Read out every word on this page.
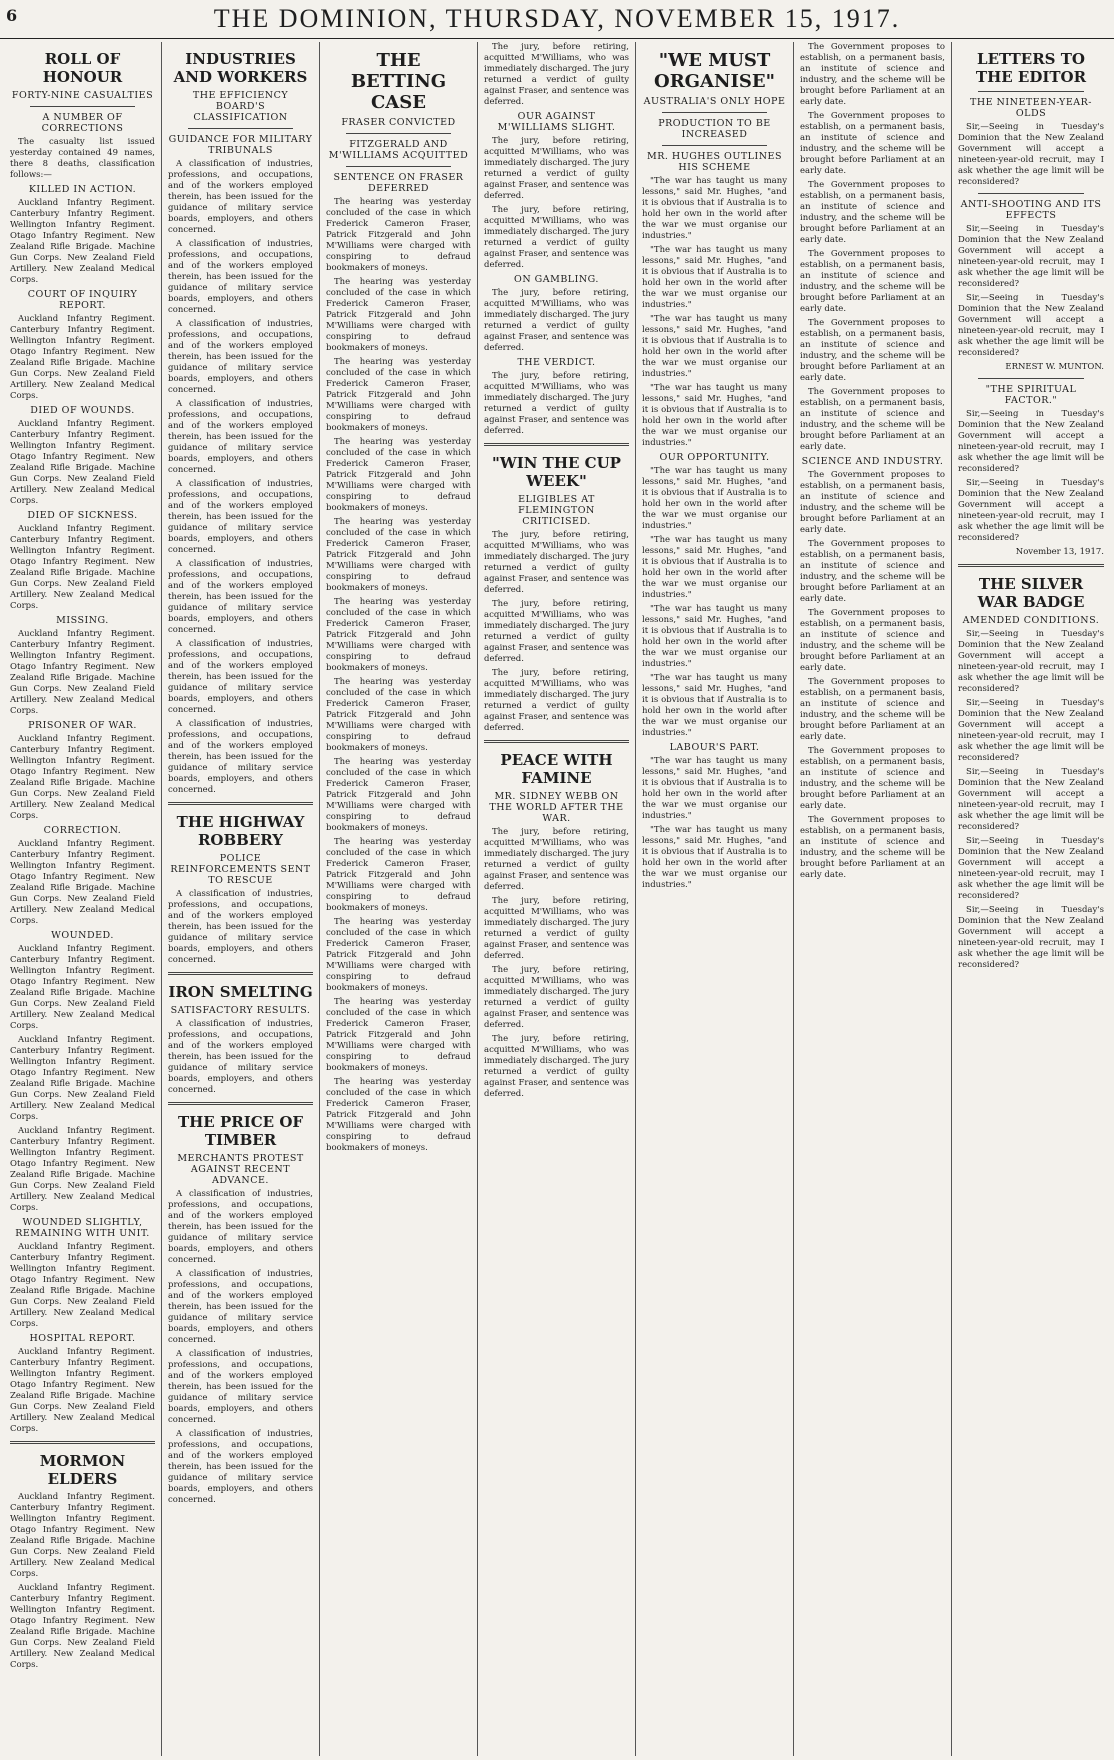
6	THE DOMINION, THURSDAY, NOVEMBER 15, 1917.
ROLL OF HONOUR
FORTY-NINE CASUALTIES
A NUMBER OF CORRECTIONS

The casualty list issued yesterday contained 49 names, there 8 deaths, classification follows:—

KILLED IN ACTION.

Auckland Infantry Regiment. Canterbury Infantry Regiment. Wellington Infantry Regiment. Otago Infantry Regiment. New Zealand Rifle Brigade. Machine Gun Corps. New Zealand Field Artillery. New Zealand Medical Corps.

COURT OF INQUIRY REPORT.

Auckland Infantry Regiment. Canterbury Infantry Regiment. Wellington Infantry Regiment. Otago Infantry Regiment. New Zealand Rifle Brigade. Machine Gun Corps. New Zealand Field Artillery. New Zealand Medical Corps.

DIED OF WOUNDS.

Auckland Infantry Regiment. Canterbury Infantry Regiment. Wellington Infantry Regiment. Otago Infantry Regiment. New Zealand Rifle Brigade. Machine Gun Corps. New Zealand Field Artillery. New Zealand Medical Corps.

DIED OF SICKNESS.

Auckland Infantry Regiment. Canterbury Infantry Regiment. Wellington Infantry Regiment. Otago Infantry Regiment. New Zealand Rifle Brigade. Machine Gun Corps. New Zealand Field Artillery. New Zealand Medical Corps.

MISSING.

Auckland Infantry Regiment. Canterbury Infantry Regiment. Wellington Infantry Regiment. Otago Infantry Regiment. New Zealand Rifle Brigade. Machine Gun Corps. New Zealand Field Artillery. New Zealand Medical Corps.

PRISONER OF WAR.

Auckland Infantry Regiment. Canterbury Infantry Regiment. Wellington Infantry Regiment. Otago Infantry Regiment. New Zealand Rifle Brigade. Machine Gun Corps. New Zealand Field Artillery. New Zealand Medical Corps.

CORRECTION.

Auckland Infantry Regiment. Canterbury Infantry Regiment. Wellington Infantry Regiment. Otago Infantry Regiment. New Zealand Rifle Brigade. Machine Gun Corps. New Zealand Field Artillery. New Zealand Medical Corps.

WOUNDED.

Auckland Infantry Regiment. Canterbury Infantry Regiment. Wellington Infantry Regiment. Otago Infantry Regiment. New Zealand Rifle Brigade. Machine Gun Corps. New Zealand Field Artillery. New Zealand Medical Corps.

Auckland Infantry Regiment. Canterbury Infantry Regiment. Wellington Infantry Regiment. Otago Infantry Regiment. New Zealand Rifle Brigade. Machine Gun Corps. New Zealand Field Artillery. New Zealand Medical Corps.

Auckland Infantry Regiment. Canterbury Infantry Regiment. Wellington Infantry Regiment. Otago Infantry Regiment. New Zealand Rifle Brigade. Machine Gun Corps. New Zealand Field Artillery. New Zealand Medical Corps.

WOUNDED SLIGHTLY, REMAINING WITH UNIT.

Auckland Infantry Regiment. Canterbury Infantry Regiment. Wellington Infantry Regiment. Otago Infantry Regiment. New Zealand Rifle Brigade. Machine Gun Corps. New Zealand Field Artillery. New Zealand Medical Corps.

HOSPITAL REPORT.

Auckland Infantry Regiment. Canterbury Infantry Regiment. Wellington Infantry Regiment. Otago Infantry Regiment. New Zealand Rifle Brigade. Machine Gun Corps. New Zealand Field Artillery. New Zealand Medical Corps.

MORMON ELDERS

Auckland Infantry Regiment. Canterbury Infantry Regiment. Wellington Infantry Regiment. Otago Infantry Regiment. New Zealand Rifle Brigade. Machine Gun Corps. New Zealand Field Artillery. New Zealand Medical Corps.

Auckland Infantry Regiment. Canterbury Infantry Regiment. Wellington Infantry Regiment. Otago Infantry Regiment. New Zealand Rifle Brigade. Machine Gun Corps. New Zealand Field Artillery. New Zealand Medical Corps.

INDUSTRIES AND WORKERS
THE EFFICIENCY BOARD'S CLASSIFICATION
GUIDANCE FOR MILITARY TRIBUNALS

A classification of industries, professions, and occupations, and of the workers employed therein, has been issued for the guidance of military service boards, employers, and others concerned.

A classification of industries, professions, and occupations, and of the workers employed therein, has been issued for the guidance of military service boards, employers, and others concerned.

A classification of industries, professions, and occupations, and of the workers employed therein, has been issued for the guidance of military service boards, employers, and others concerned.

A classification of industries, professions, and occupations, and of the workers employed therein, has been issued for the guidance of military service boards, employers, and others concerned.

A classification of industries, professions, and occupations, and of the workers employed therein, has been issued for the guidance of military service boards, employers, and others concerned.

A classification of industries, professions, and occupations, and of the workers employed therein, has been issued for the guidance of military service boards, employers, and others concerned.

A classification of industries, professions, and occupations, and of the workers employed therein, has been issued for the guidance of military service boards, employers, and others concerned.

A classification of industries, professions, and occupations, and of the workers employed therein, has been issued for the guidance of military service boards, employers, and others concerned.

THE HIGHWAY ROBBERY
POLICE REINFORCEMENTS SENT TO RESCUE

A classification of industries, professions, and occupations, and of the workers employed therein, has been issued for the guidance of military service boards, employers, and others concerned.

IRON SMELTING
SATISFACTORY RESULTS.

A classification of industries, professions, and occupations, and of the workers employed therein, has been issued for the guidance of military service boards, employers, and others concerned.

THE PRICE OF TIMBER
MERCHANTS PROTEST AGAINST RECENT ADVANCE.

A classification of industries, professions, and occupations, and of the workers employed therein, has been issued for the guidance of military service boards, employers, and others concerned.

A classification of industries, professions, and occupations, and of the workers employed therein, has been issued for the guidance of military service boards, employers, and others concerned.

A classification of industries, professions, and occupations, and of the workers employed therein, has been issued for the guidance of military service boards, employers, and others concerned.

A classification of industries, professions, and occupations, and of the workers employed therein, has been issued for the guidance of military service boards, employers, and others concerned.

THE BETTING CASE
FRASER CONVICTED
FITZGERALD AND M'WILLIAMS ACQUITTED
SENTENCE ON FRASER DEFERRED

The hearing was yesterday concluded of the case in which Frederick Cameron Fraser, Patrick Fitzgerald and John M'Williams were charged with conspiring to defraud bookmakers of moneys.

The hearing was yesterday concluded of the case in which Frederick Cameron Fraser, Patrick Fitzgerald and John M'Williams were charged with conspiring to defraud bookmakers of moneys.

The hearing was yesterday concluded of the case in which Frederick Cameron Fraser, Patrick Fitzgerald and John M'Williams were charged with conspiring to defraud bookmakers of moneys.

The hearing was yesterday concluded of the case in which Frederick Cameron Fraser, Patrick Fitzgerald and John M'Williams were charged with conspiring to defraud bookmakers of moneys.

The hearing was yesterday concluded of the case in which Frederick Cameron Fraser, Patrick Fitzgerald and John M'Williams were charged with conspiring to defraud bookmakers of moneys.

The hearing was yesterday concluded of the case in which Frederick Cameron Fraser, Patrick Fitzgerald and John M'Williams were charged with conspiring to defraud bookmakers of moneys.

The hearing was yesterday concluded of the case in which Frederick Cameron Fraser, Patrick Fitzgerald and John M'Williams were charged with conspiring to defraud bookmakers of moneys.

The hearing was yesterday concluded of the case in which Frederick Cameron Fraser, Patrick Fitzgerald and John M'Williams were charged with conspiring to defraud bookmakers of moneys.

The hearing was yesterday concluded of the case in which Frederick Cameron Fraser, Patrick Fitzgerald and John M'Williams were charged with conspiring to defraud bookmakers of moneys.

The hearing was yesterday concluded of the case in which Frederick Cameron Fraser, Patrick Fitzgerald and John M'Williams were charged with conspiring to defraud bookmakers of moneys.

The hearing was yesterday concluded of the case in which Frederick Cameron Fraser, Patrick Fitzgerald and John M'Williams were charged with conspiring to defraud bookmakers of moneys.

The hearing was yesterday concluded of the case in which Frederick Cameron Fraser, Patrick Fitzgerald and John M'Williams were charged with conspiring to defraud bookmakers of moneys.

The jury, before retiring, acquitted M'Williams, who was immediately discharged. The jury returned a verdict of guilty against Fraser, and sentence was deferred.

OUR AGAINST M'WILLIAMS SLIGHT.

The jury, before retiring, acquitted M'Williams, who was immediately discharged. The jury returned a verdict of guilty against Fraser, and sentence was deferred.

The jury, before retiring, acquitted M'Williams, who was immediately discharged. The jury returned a verdict of guilty against Fraser, and sentence was deferred.

ON GAMBLING.

The jury, before retiring, acquitted M'Williams, who was immediately discharged. The jury returned a verdict of guilty against Fraser, and sentence was deferred.

THE VERDICT.

The jury, before retiring, acquitted M'Williams, who was immediately discharged. The jury returned a verdict of guilty against Fraser, and sentence was deferred.

"WIN THE CUP WEEK"
ELIGIBLES AT FLEMINGTON CRITICISED.

The jury, before retiring, acquitted M'Williams, who was immediately discharged. The jury returned a verdict of guilty against Fraser, and sentence was deferred.

The jury, before retiring, acquitted M'Williams, who was immediately discharged. The jury returned a verdict of guilty against Fraser, and sentence was deferred.

The jury, before retiring, acquitted M'Williams, who was immediately discharged. The jury returned a verdict of guilty against Fraser, and sentence was deferred.

PEACE WITH FAMINE
MR. SIDNEY WEBB ON THE WORLD AFTER THE WAR.

The jury, before retiring, acquitted M'Williams, who was immediately discharged. The jury returned a verdict of guilty against Fraser, and sentence was deferred.

The jury, before retiring, acquitted M'Williams, who was immediately discharged. The jury returned a verdict of guilty against Fraser, and sentence was deferred.

The jury, before retiring, acquitted M'Williams, who was immediately discharged. The jury returned a verdict of guilty against Fraser, and sentence was deferred.

The jury, before retiring, acquitted M'Williams, who was immediately discharged. The jury returned a verdict of guilty against Fraser, and sentence was deferred.

"WE MUST ORGANISE"
AUSTRALIA'S ONLY HOPE
PRODUCTION TO BE INCREASED
MR. HUGHES OUTLINES HIS SCHEME

"The war has taught us many lessons," said Mr. Hughes, "and it is obvious that if Australia is to hold her own in the world after the war we must organise our industries."

"The war has taught us many lessons," said Mr. Hughes, "and it is obvious that if Australia is to hold her own in the world after the war we must organise our industries."

"The war has taught us many lessons," said Mr. Hughes, "and it is obvious that if Australia is to hold her own in the world after the war we must organise our industries."

"The war has taught us many lessons," said Mr. Hughes, "and it is obvious that if Australia is to hold her own in the world after the war we must organise our industries."

OUR OPPORTUNITY.

"The war has taught us many lessons," said Mr. Hughes, "and it is obvious that if Australia is to hold her own in the world after the war we must organise our industries."

"The war has taught us many lessons," said Mr. Hughes, "and it is obvious that if Australia is to hold her own in the world after the war we must organise our industries."

"The war has taught us many lessons," said Mr. Hughes, "and it is obvious that if Australia is to hold her own in the world after the war we must organise our industries."

"The war has taught us many lessons," said Mr. Hughes, "and it is obvious that if Australia is to hold her own in the world after the war we must organise our industries."

LABOUR'S PART.

"The war has taught us many lessons," said Mr. Hughes, "and it is obvious that if Australia is to hold her own in the world after the war we must organise our industries."

"The war has taught us many lessons," said Mr. Hughes, "and it is obvious that if Australia is to hold her own in the world after the war we must organise our industries."

The Government proposes to establish, on a permanent basis, an institute of science and industry, and the scheme will be brought before Parliament at an early date.

The Government proposes to establish, on a permanent basis, an institute of science and industry, and the scheme will be brought before Parliament at an early date.

The Government proposes to establish, on a permanent basis, an institute of science and industry, and the scheme will be brought before Parliament at an early date.

The Government proposes to establish, on a permanent basis, an institute of science and industry, and the scheme will be brought before Parliament at an early date.

The Government proposes to establish, on a permanent basis, an institute of science and industry, and the scheme will be brought before Parliament at an early date.

The Government proposes to establish, on a permanent basis, an institute of science and industry, and the scheme will be brought before Parliament at an early date.

SCIENCE AND INDUSTRY.

The Government proposes to establish, on a permanent basis, an institute of science and industry, and the scheme will be brought before Parliament at an early date.

The Government proposes to establish, on a permanent basis, an institute of science and industry, and the scheme will be brought before Parliament at an early date.

The Government proposes to establish, on a permanent basis, an institute of science and industry, and the scheme will be brought before Parliament at an early date.

The Government proposes to establish, on a permanent basis, an institute of science and industry, and the scheme will be brought before Parliament at an early date.

The Government proposes to establish, on a permanent basis, an institute of science and industry, and the scheme will be brought before Parliament at an early date.

The Government proposes to establish, on a permanent basis, an institute of science and industry, and the scheme will be brought before Parliament at an early date.

LETTERS TO THE EDITOR
THE NINETEEN-YEAR-OLDS

Sir,—Seeing in Tuesday's Dominion that the New Zealand Government will accept a nineteen-year-old recruit, may I ask whether the age limit will be reconsidered?

ANTI-SHOOTING AND ITS EFFECTS

Sir,—Seeing in Tuesday's Dominion that the New Zealand Government will accept a nineteen-year-old recruit, may I ask whether the age limit will be reconsidered?

Sir,—Seeing in Tuesday's Dominion that the New Zealand Government will accept a nineteen-year-old recruit, may I ask whether the age limit will be reconsidered?

ERNEST W. MUNTON.
"THE SPIRITUAL FACTOR."

Sir,—Seeing in Tuesday's Dominion that the New Zealand Government will accept a nineteen-year-old recruit, may I ask whether the age limit will be reconsidered?

Sir,—Seeing in Tuesday's Dominion that the New Zealand Government will accept a nineteen-year-old recruit, may I ask whether the age limit will be reconsidered?

November 13, 1917.
THE SILVER WAR BADGE
AMENDED CONDITIONS.

Sir,—Seeing in Tuesday's Dominion that the New Zealand Government will accept a nineteen-year-old recruit, may I ask whether the age limit will be reconsidered?

Sir,—Seeing in Tuesday's Dominion that the New Zealand Government will accept a nineteen-year-old recruit, may I ask whether the age limit will be reconsidered?

Sir,—Seeing in Tuesday's Dominion that the New Zealand Government will accept a nineteen-year-old recruit, may I ask whether the age limit will be reconsidered?

Sir,—Seeing in Tuesday's Dominion that the New Zealand Government will accept a nineteen-year-old recruit, may I ask whether the age limit will be reconsidered?

Sir,—Seeing in Tuesday's Dominion that the New Zealand Government will accept a nineteen-year-old recruit, may I ask whether the age limit will be reconsidered?
